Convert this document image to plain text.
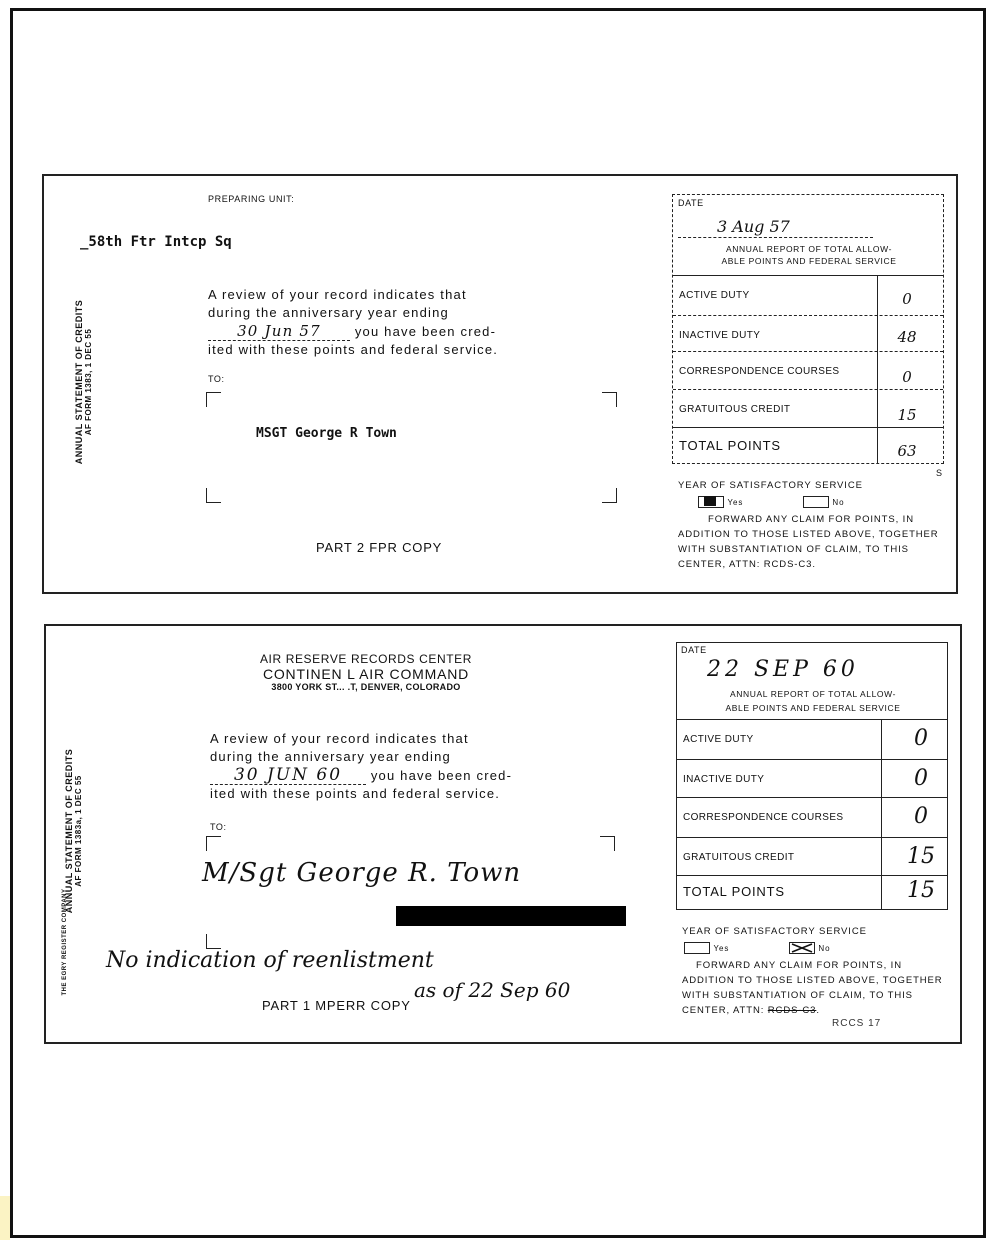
ANNUAL STATEMENT OF CREDITS AF FORM 1383, 1 DEC 55
PREPARING UNIT:
_58th Ftr Intcp Sq
A review of your record indicates that
during the anniversary year ending
30 Jun 57	you have been cred-
ited with these points and federal service.
TO:
MSGT George R Town
PART 2 FPR COPY
DATE
3 Aug 57
ANNUAL REPORT OF TOTAL ALLOW-
ABLE POINTS AND FEDERAL SERVICE
ACTIVE DUTY	0
INACTIVE DUTY	48
CORRESPONDENCE COURSES	0
GRATUITOUS CREDIT	15
TOTAL POINTS	63
S
YEAR OF SATISFACTORY SERVICE
Yes	No
FORWARD ANY CLAIM FOR POINTS, IN
ADDITION TO THOSE LISTED ABOVE, TOGETHER
WITH SUBSTANTIATION OF CLAIM, TO THIS
CENTER, ATTN: RCDS-C3.
ANNUAL STATEMENT OF CREDITS AF FORM 1383a, 1 DEC 55
THE EGRY REGISTER COMPANY
AIR RESERVE RECORDS CENTER
CONTINEN L AIR COMMAND
3800 YORK ST... .T, DENVER, COLORADO
A review of your record indicates that
during the anniversary year ending
30 JUN 60 you have been cred-
ited with these points and federal service.
TO:
M/Sgt George R. Town
No indication of reenlistment
as of 22 Sep 60
PART 1 MPERR COPY
DATE
22 SEP 60
ANNUAL REPORT OF TOTAL ALLOW-
ABLE POINTS AND FEDERAL SERVICE
ACTIVE DUTY	0
INACTIVE DUTY	0
CORRESPONDENCE COURSES	0
GRATUITOUS CREDIT	15
TOTAL POINTS	15
YEAR OF SATISFACTORY SERVICE
Yes	No
FORWARD ANY CLAIM FOR POINTS, IN
ADDITION TO THOSE LISTED ABOVE, TOGETHER
WITH SUBSTANTIATION OF CLAIM, TO THIS
CENTER, ATTN: RCDS-C3.
RCCS 17
